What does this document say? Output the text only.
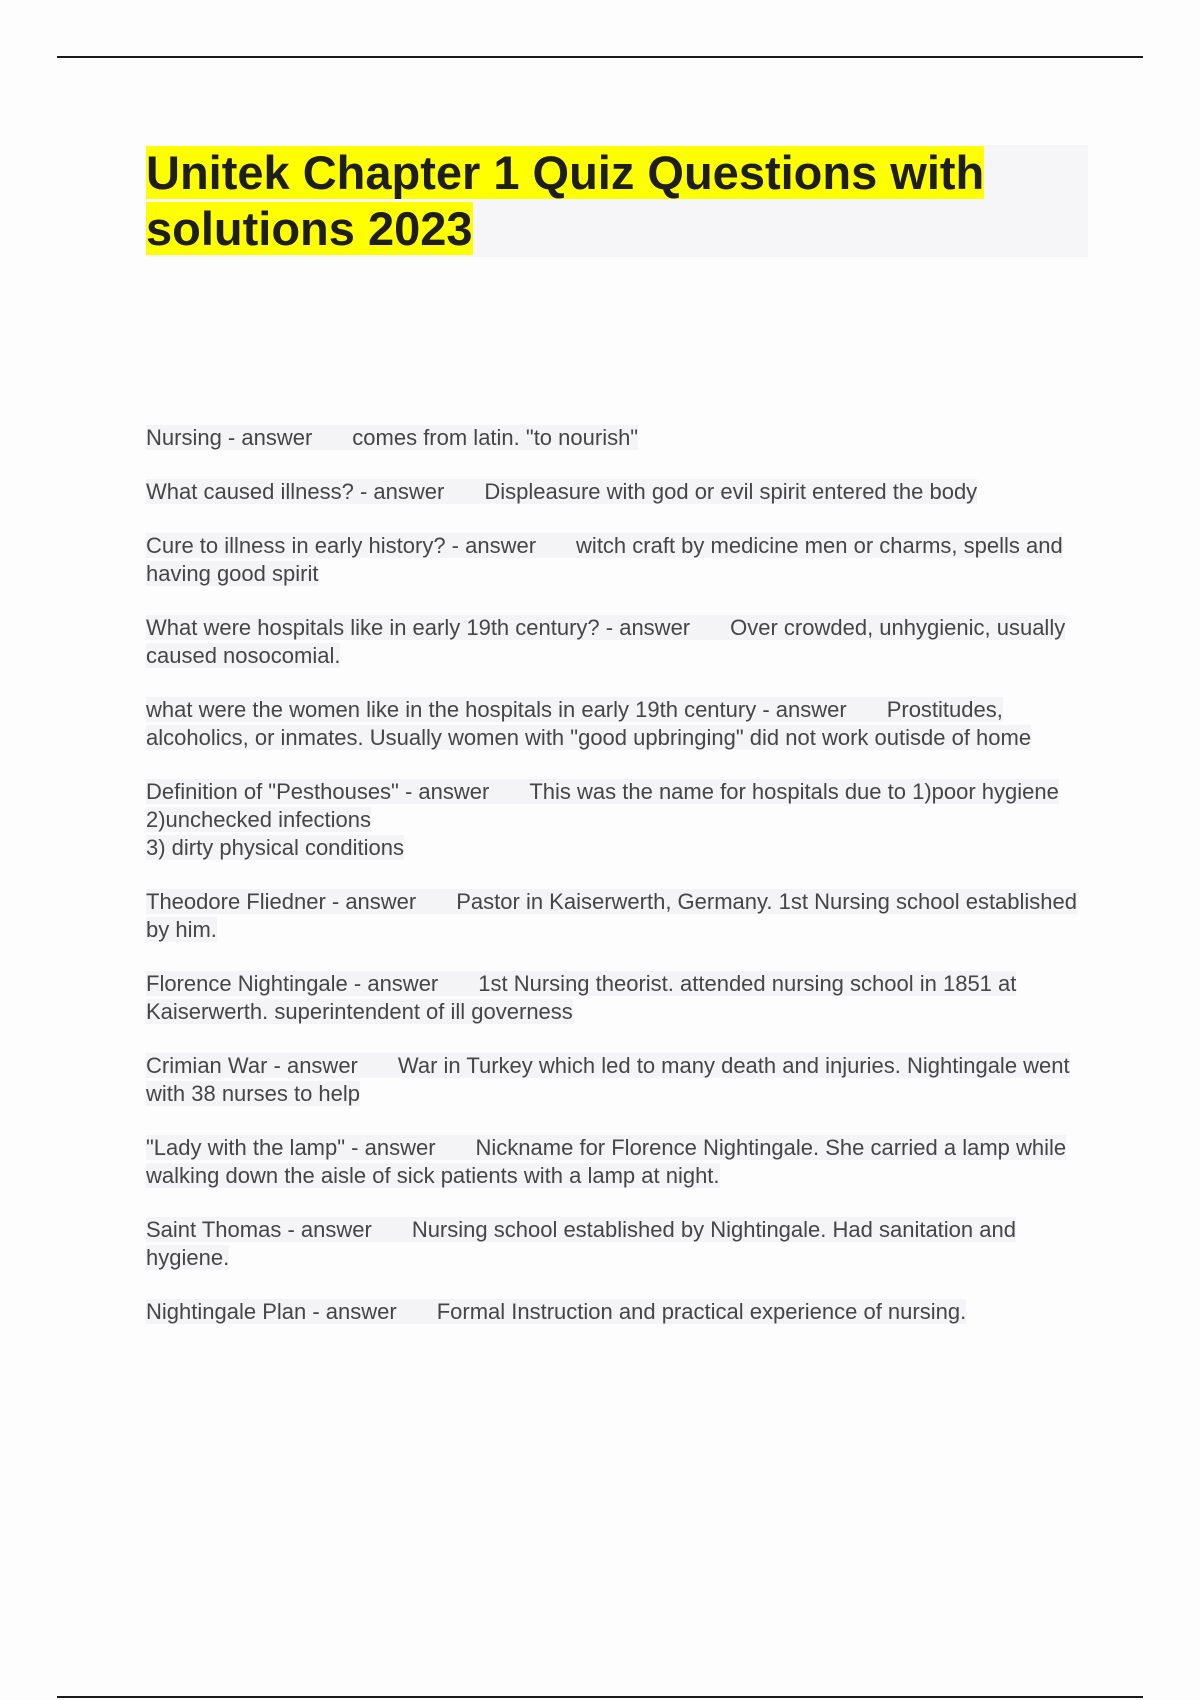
Unitek Chapter 1 Quiz Questions with solutions 2023
Nursing - answer comes from latin. "to nourish"
What caused illness? - answer Displeasure with god or evil spirit entered the body
Cure to illness in early history? - answer witch craft by medicine men or charms, spells and having good spirit
What were hospitals like in early 19th century? - answer Over crowded, unhygienic, usually caused nosocomial.
what were the women like in the hospitals in early 19th century - answer Prostitudes, alcoholics, or inmates. Usually women with "good upbringing" did not work outisde of home
Definition of "Pesthouses" - answer This was the name for hospitals due to 1)poor hygiene
2)unchecked infections
3) dirty physical conditions
Theodore Fliedner - answer Pastor in Kaiserwerth, Germany. 1st Nursing school established by him.
Florence Nightingale - answer 1st Nursing theorist. attended nursing school in 1851 at Kaiserwerth. superintendent of ill governess
Crimian War - answer War in Turkey which led to many death and injuries. Nightingale went with 38 nurses to help
"Lady with the lamp" - answer Nickname for Florence Nightingale. She carried a lamp while walking down the aisle of sick patients with a lamp at night.
Saint Thomas - answer Nursing school established by Nightingale. Had sanitation and hygiene.
Nightingale Plan - answer Formal Instruction and practical experience of nursing.
